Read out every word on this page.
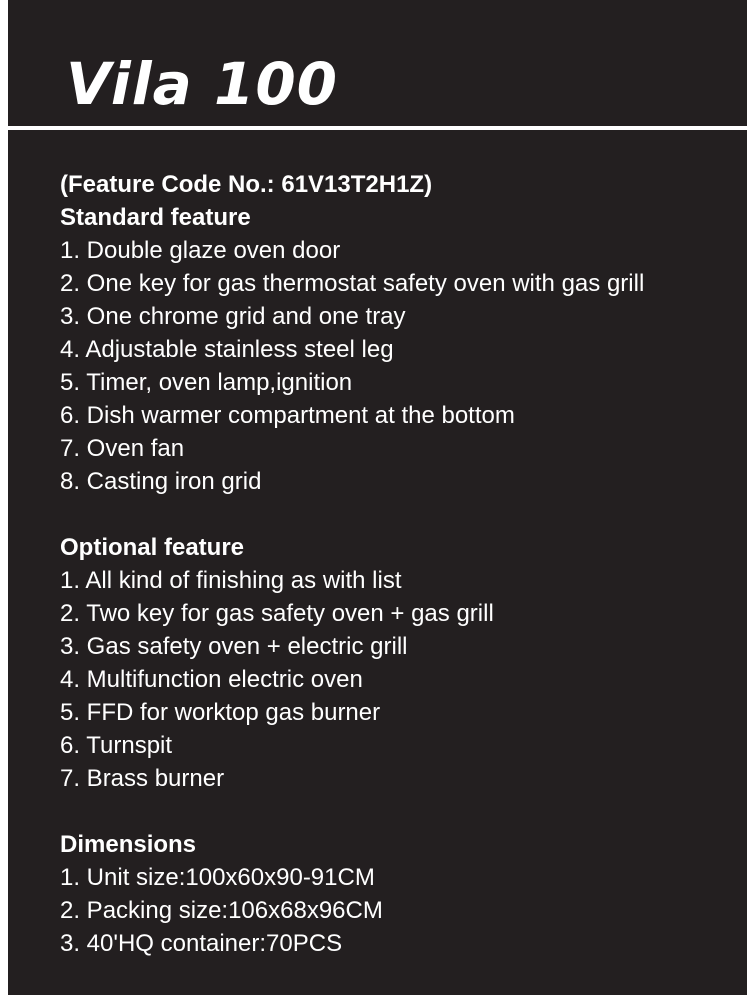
Vila 100
(Feature Code No.: 61V13T2H1Z)
Standard feature
1. Double glaze oven door
2. One key for gas thermostat safety oven with gas grill
3. One chrome grid and one tray
4. Adjustable stainless steel leg
5. Timer, oven lamp,ignition
6. Dish warmer compartment at the bottom
7. Oven fan
8. Casting iron grid
Optional feature
1. All kind of finishing as with list
2. Two key for gas safety oven + gas grill
3. Gas safety oven + electric grill
4. Multifunction electric oven
5. FFD for worktop gas burner
6. Turnspit
7. Brass burner
Dimensions
1. Unit size:100x60x90-91CM
2. Packing size:106x68x96CM
3. 40'HQ container:70PCS
